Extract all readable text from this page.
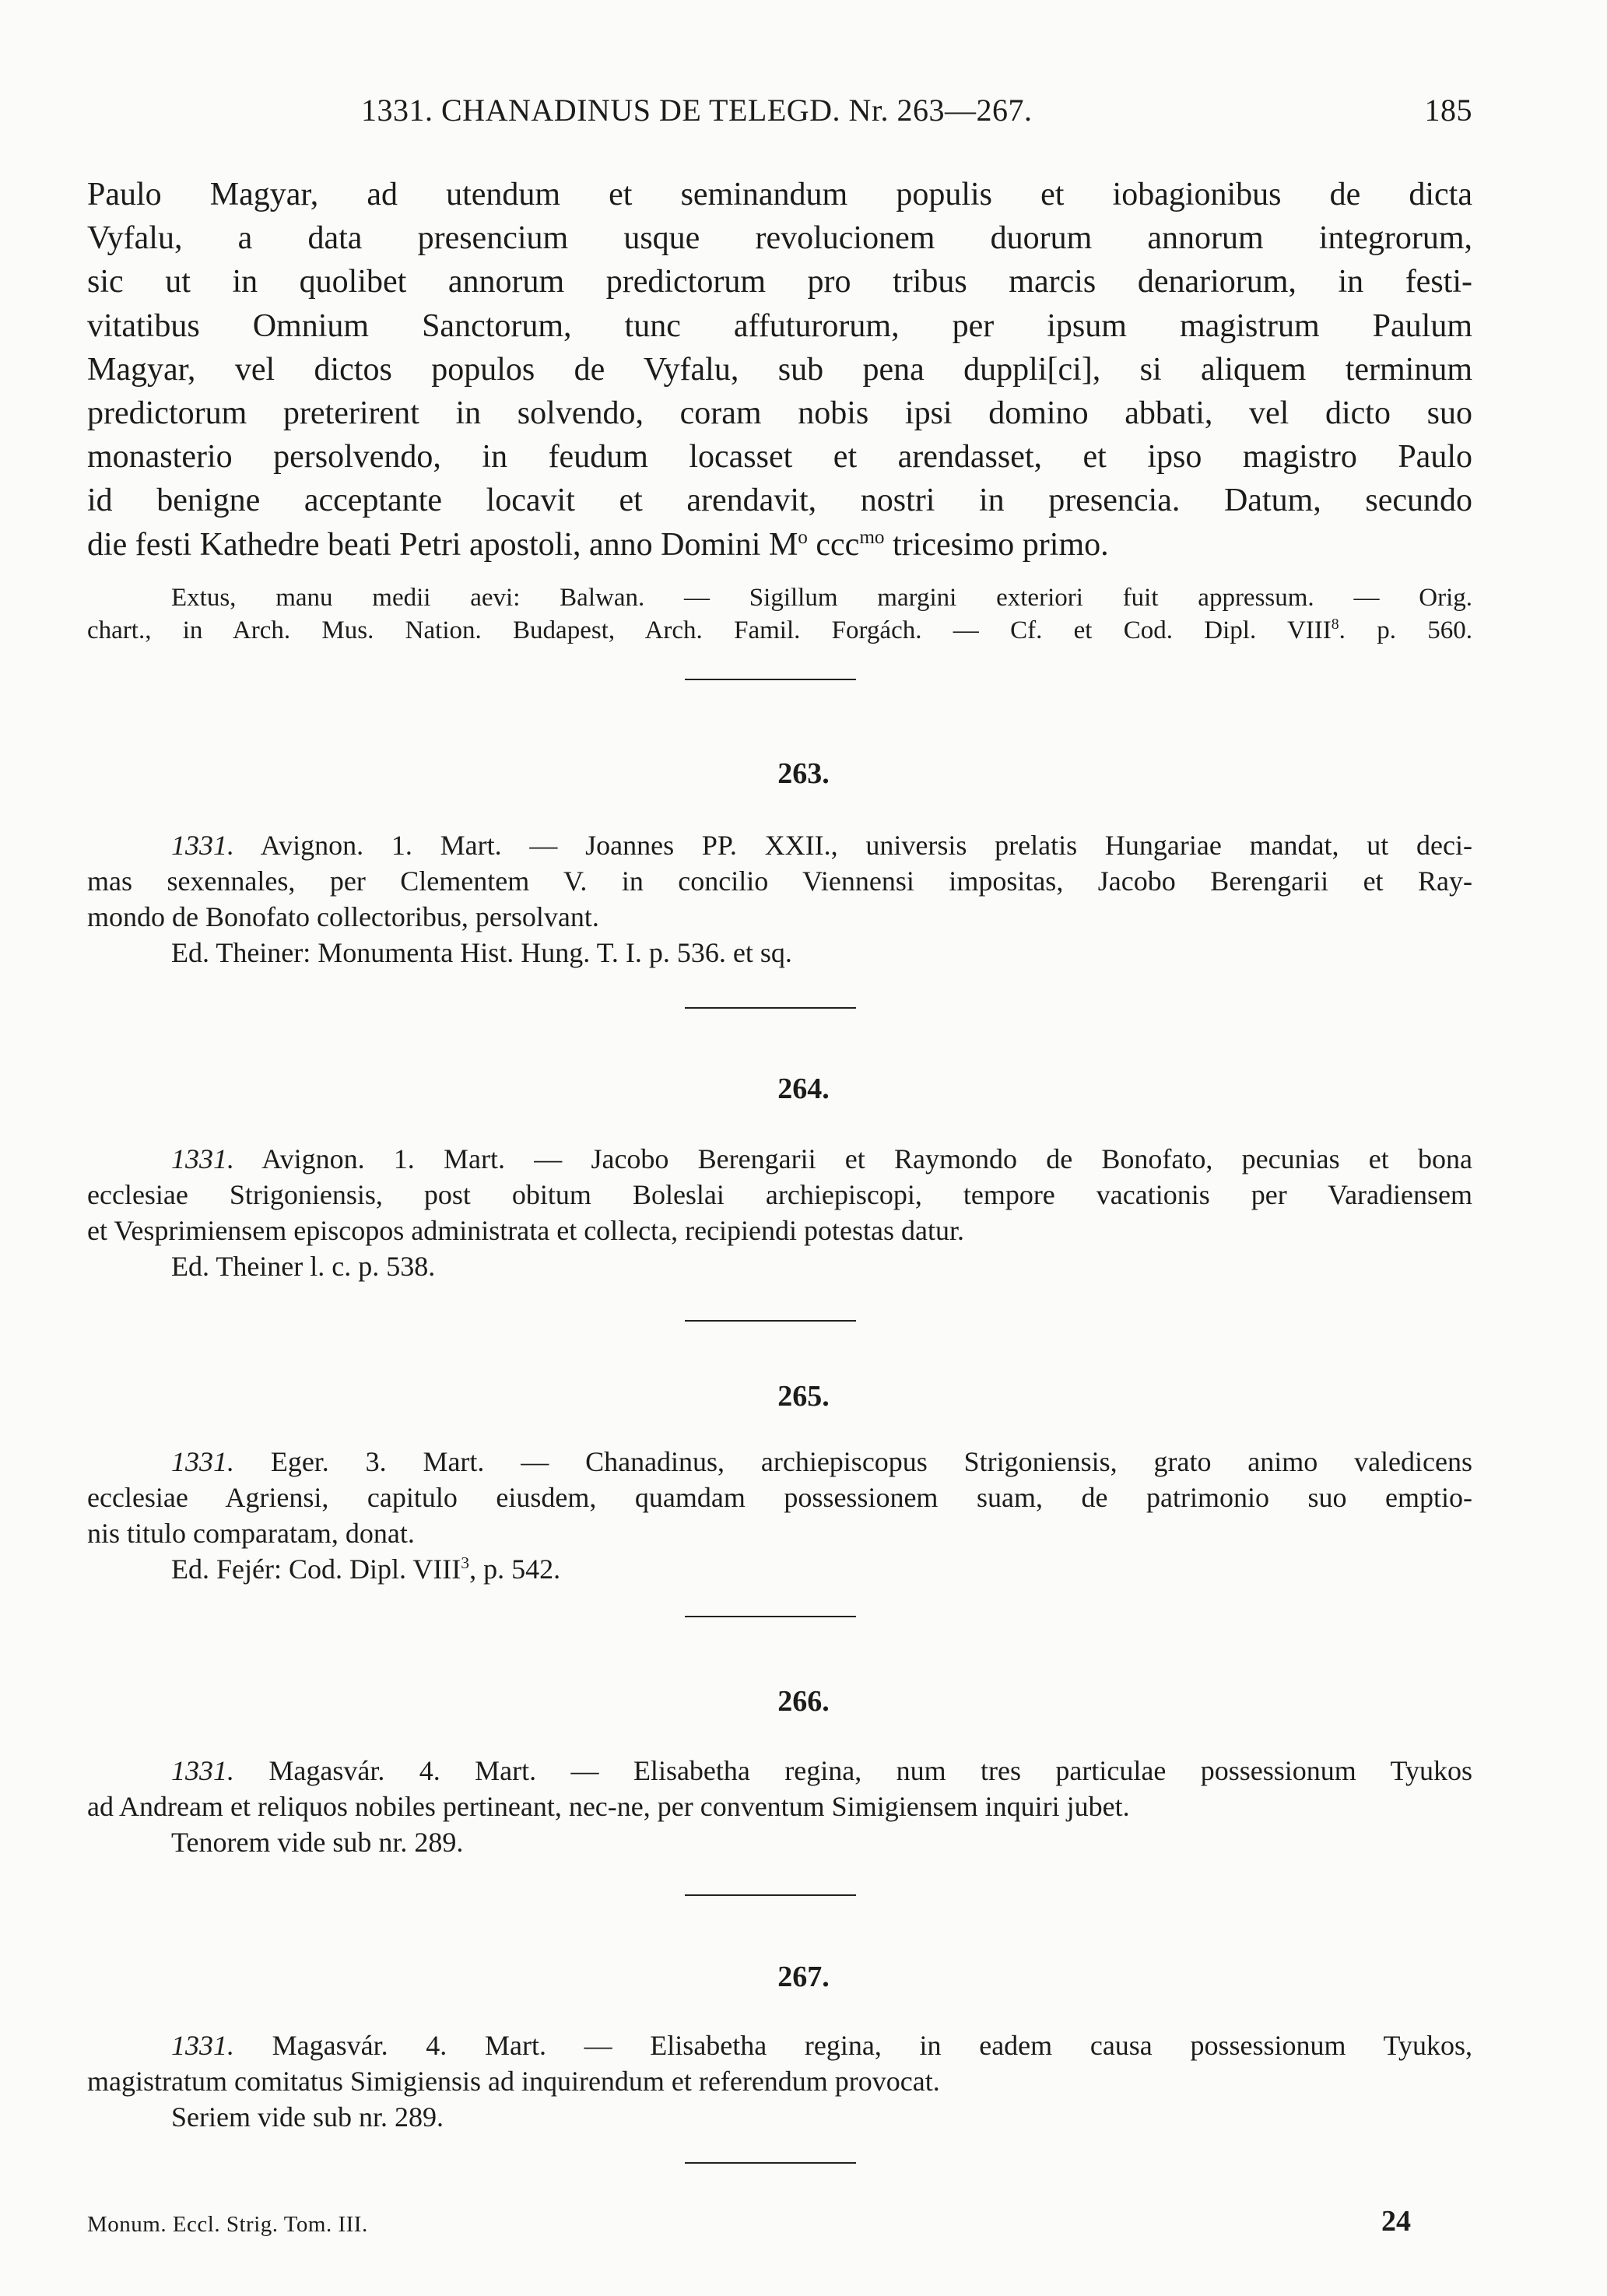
1331. CHANADINUS DE TELEGD. Nr. 263—267.	185
Paulo Magyar, ad utendum et seminandum populis et iobagionibus de dicta
Vyfalu, a data presencium usque revolucionem duorum annorum integrorum,
sic ut in quolibet annorum predictorum pro tribus marcis denariorum, in festi-
vitatibus Omnium Sanctorum, tunc affuturorum, per ipsum magistrum Paulum
Magyar, vel dictos populos de Vyfalu, sub pena duppli[ci], si aliquem terminum
predictorum preterirent in solvendo, coram nobis ipsi domino abbati, vel dicto suo
monasterio persolvendo, in feudum locasset et arendasset, et ipso magistro Paulo
id benigne acceptante locavit et arendavit, nostri in presencia. Datum, secundo
die festi Kathedre beati Petri apostoli, anno Domini $M^o$ ccc$^{mo}$ tricesimo primo.
Extus, manu medii aevi: Balwan. — Sigillum margini exteriori fuit appressum. — Orig.
chart., in Arch. Mus. Nation. Budapest, Arch. Famil. Forgách. — Cf. et Cod. Dipl. VIII$^8$. p. 560.
263.
1331. Avignon. 1. Mart. — Joannes PP. XXII., universis prelatis Hungariae mandat, ut deci-
mas sexennales, per Clementem V. in concilio Viennensi impositas, Jacobo Berengarii et Ray-
mondo de Bonofato collectoribus, persolvant.
Ed. Theiner: Monumenta Hist. Hung. T. I. p. 536. et sq.
264.
1331. Avignon. 1. Mart. — Jacobo Berengarii et Raymondo de Bonofato, pecunias et bona
ecclesiae Strigoniensis, post obitum Boleslai archiepiscopi, tempore vacationis per Varadiensem
et Vesprimiensem episcopos administrata et collecta, recipiendi potestas datur.
Ed. Theiner l. c. p. 538.
265.
1331. Eger. 3. Mart. — Chanadinus, archiepiscopus Strigoniensis, grato animo valedicens
ecclesiae Agriensi, capitulo eiusdem, quamdam possessionem suam, de patrimonio suo emptio-
nis titulo comparatam, donat.
Ed. Fejér: Cod. Dipl. VIII$^3$, p. 542.
266.
1331. Magasvár. 4. Mart. — Elisabetha regina, num tres particulae possessionum Tyukos
ad Andream et reliquos nobiles pertineant, nec-ne, per conventum Simigiensem inquiri jubet.
Tenorem vide sub nr. 289.
267.
1331. Magasvár. 4. Mart. — Elisabetha regina, in eadem causa possessionum Tyukos,
magistratum comitatus Simigiensis ad inquirendum et referendum provocat.
Seriem vide sub nr. 289.
Monum. Eccl. Strig. Tom. III.	24
